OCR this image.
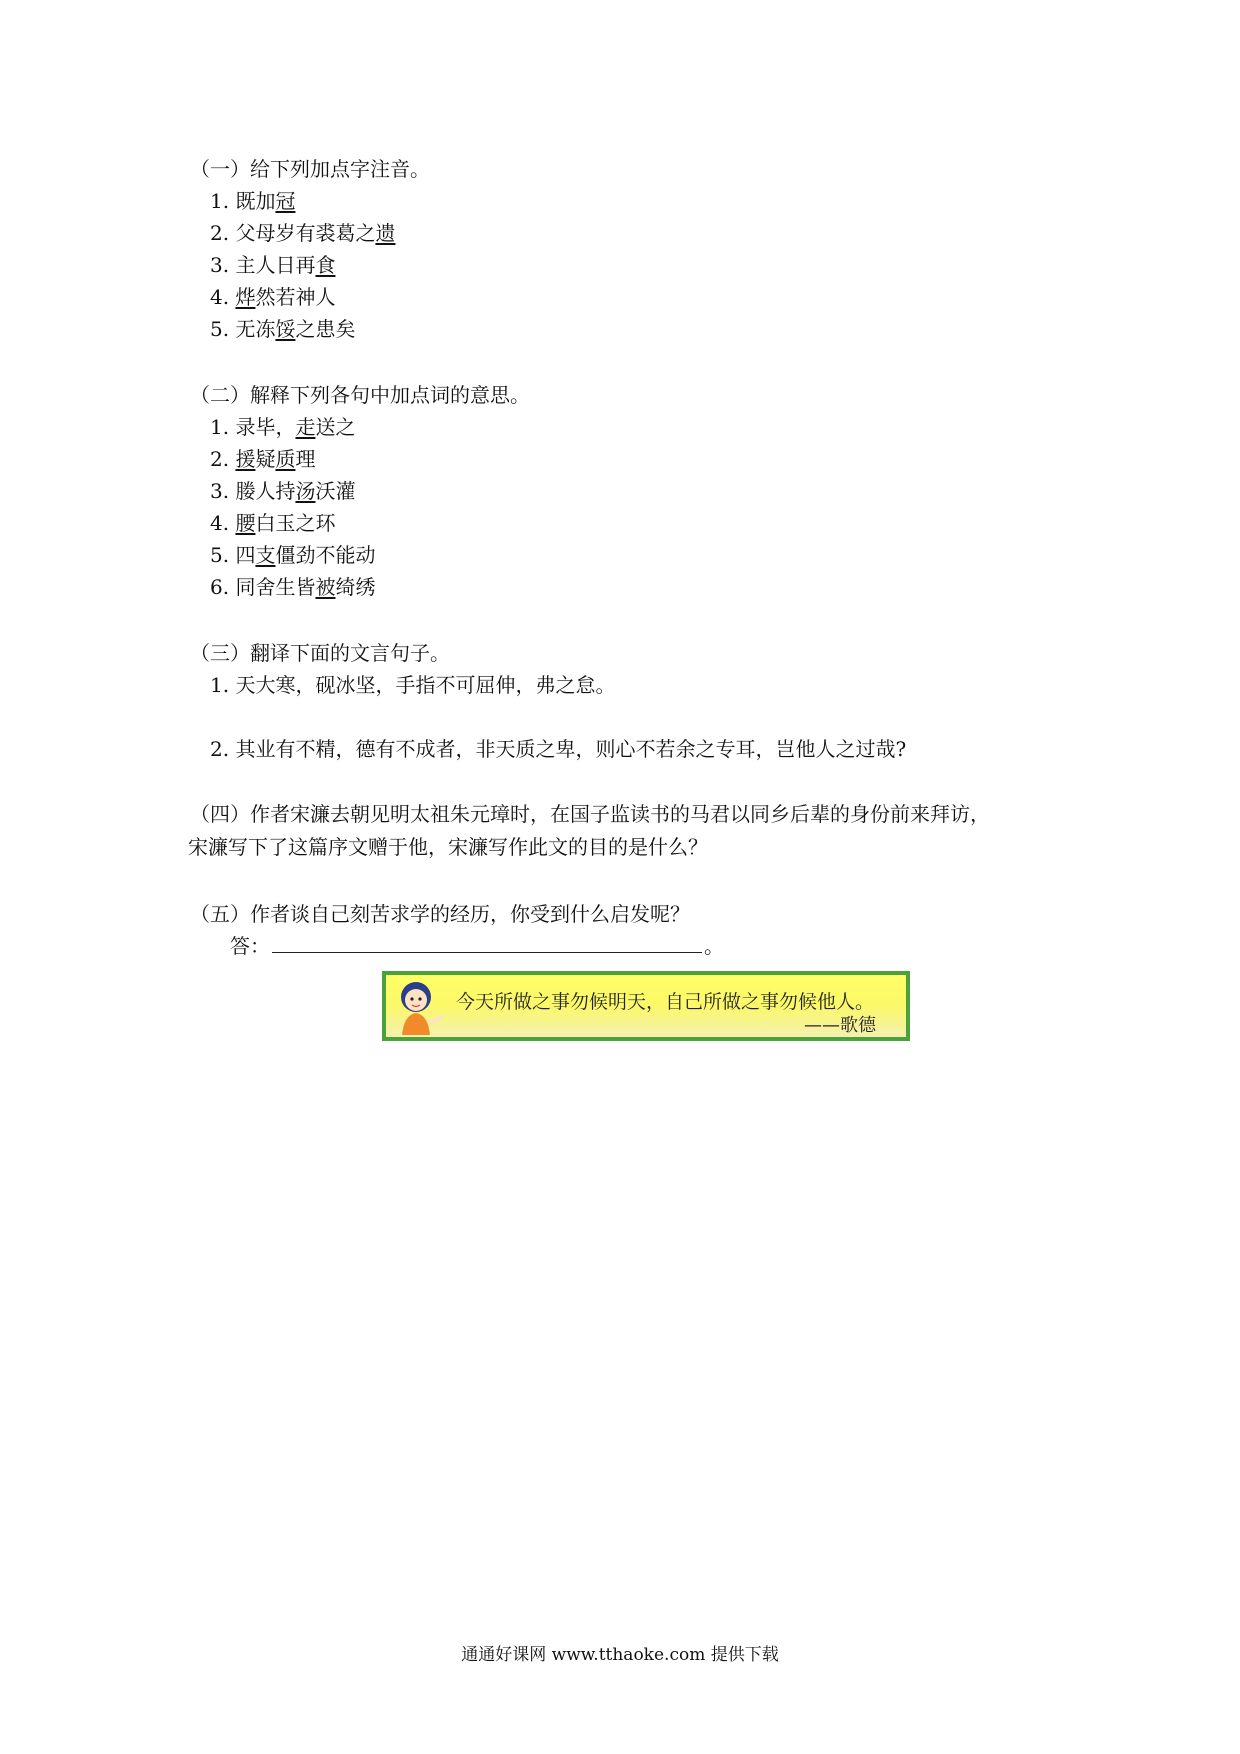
（一）给下列加点字注音。
1. 既加冠
2. 父母岁有裘葛之遗
3. 主人日再食
4. 烨然若神人
5. 无冻馁之患矣
（二）解释下列各句中加点词的意思。
1. 录毕，走送之
2. 援疑质理
3. 媵人持汤沃灌
4. 腰白玉之环
5. 四支僵劲不能动
6. 同舍生皆被绮绣
（三）翻译下面的文言句子。
1. 天大寒，砚冰坚，手指不可屈伸，弗之怠。
2. 其业有不精，德有不成者，非天质之卑，则心不若余之专耳，岂他人之过哉?
（四）作者宋濂去朝见明太祖朱元璋时，在国子监读书的马君以同乡后辈的身份前来拜访，
宋濂写下了这篇序文赠于他，宋濂写作此文的目的是什么？
（五）作者谈自己刻苦求学的经历，你受到什么启发呢？
答：	。
今天所做之事勿候明天，自己所做之事勿候他人。
——歌德
通通好课网 www.tthaoke.com 提供下载
